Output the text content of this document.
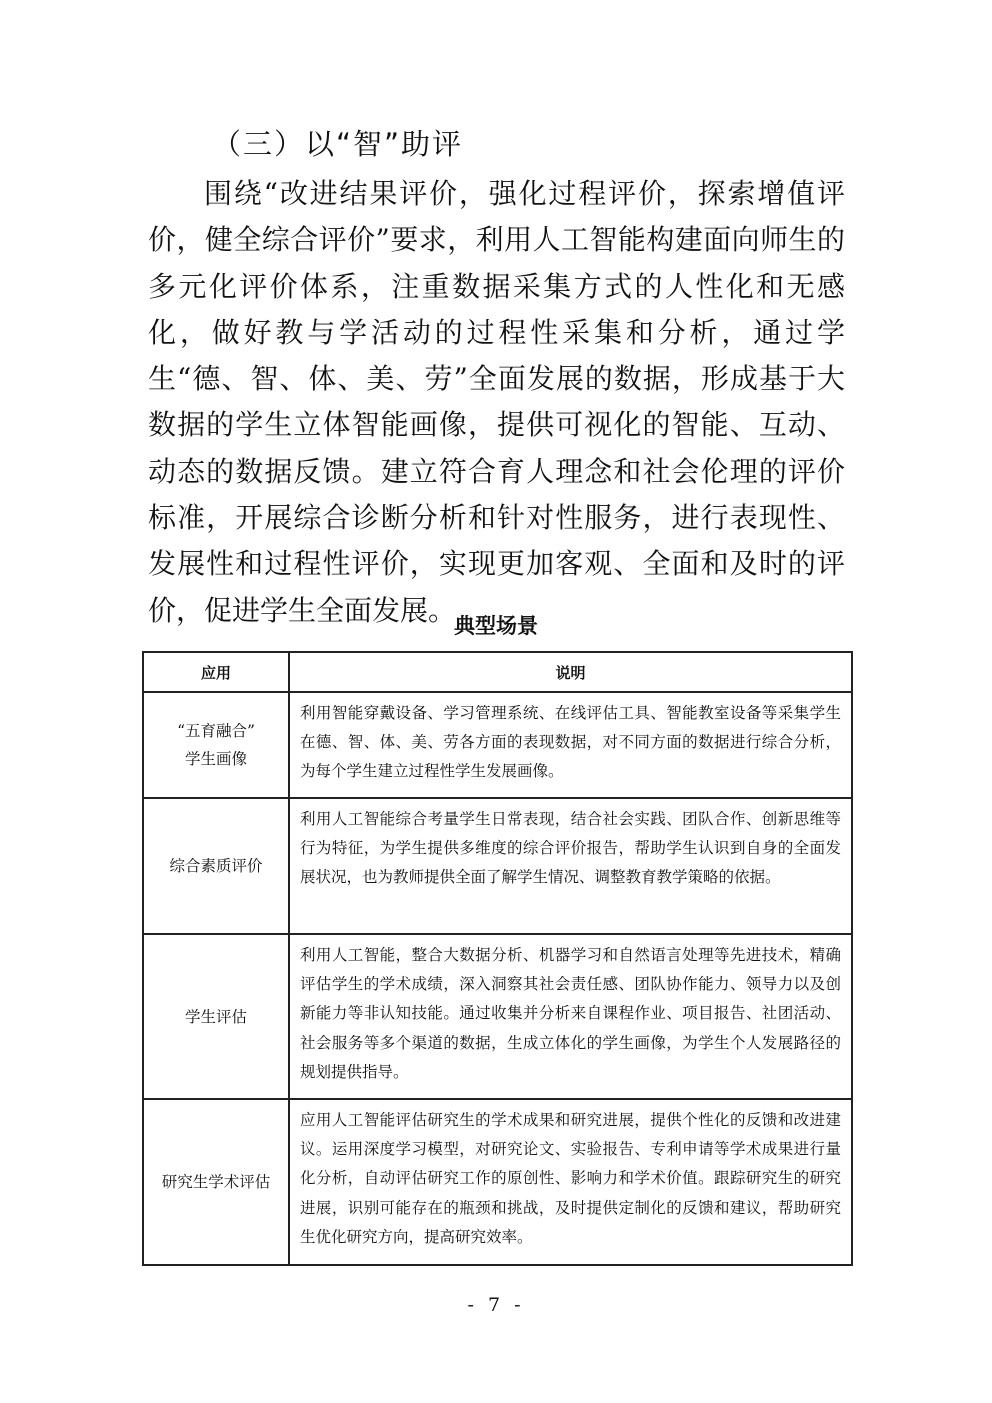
（三）以“智”助评

围绕“改进结果评价，强化过程评价，探索增值评价，健全综合评价”要求，利用人工智能构建面向师生的多元化评价体系，注重数据采集方式的人性化和无感化，做好教与学活动的过程性采集和分析，通过学生“德、智、体、美、劳”全面发展的数据，形成基于大数据的学生立体智能画像，提供可视化的智能、互动、动态的数据反馈。建立符合育人理念和社会伦理的评价标准，开展综合诊断分析和针对性服务，进行表现性、发展性和过程性评价，实现更加客观、全面和及时的评价，促进学生全面发展。

典型场景
应用	说明

“五育融合”
学生画像	利用智能穿戴设备、学习管理系统、在线评估工具、智能教室设备等采集学生在德、智、体、美、劳各方面的表现数据，对不同方面的数据进行综合分析，为每个学生建立过程性学生发展画像。

综合素质评价	利用人工智能综合考量学生日常表现，结合社会实践、团队合作、创新思维等行为特征，为学生提供多维度的综合评价报告，帮助学生认识到自身的全面发展状况，也为教师提供全面了解学生情况、调整教育教学策略的依据。

学生评估	利用人工智能，整合大数据分析、机器学习和自然语言处理等先进技术，精确评估学生的学术成绩，深入洞察其社会责任感、团队协作能力、领导力以及创新能力等非认知技能。通过收集并分析来自课程作业、项目报告、社团活动、社会服务等多个渠道的数据，生成立体化的学生画像，为学生个人发展路径的规划提供指导。

研究生学术评估	应用人工智能评估研究生的学术成果和研究进展，提供个性化的反馈和改进建议。运用深度学习模型，对研究论文、实验报告、专利申请等学术成果进行量化分析，自动评估研究工作的原创性、影响力和学术价值。跟踪研究生的研究进展，识别可能存在的瓶颈和挑战，及时提供定制化的反馈和建议，帮助研究生优化研究方向，提高研究效率。
- 7 -
